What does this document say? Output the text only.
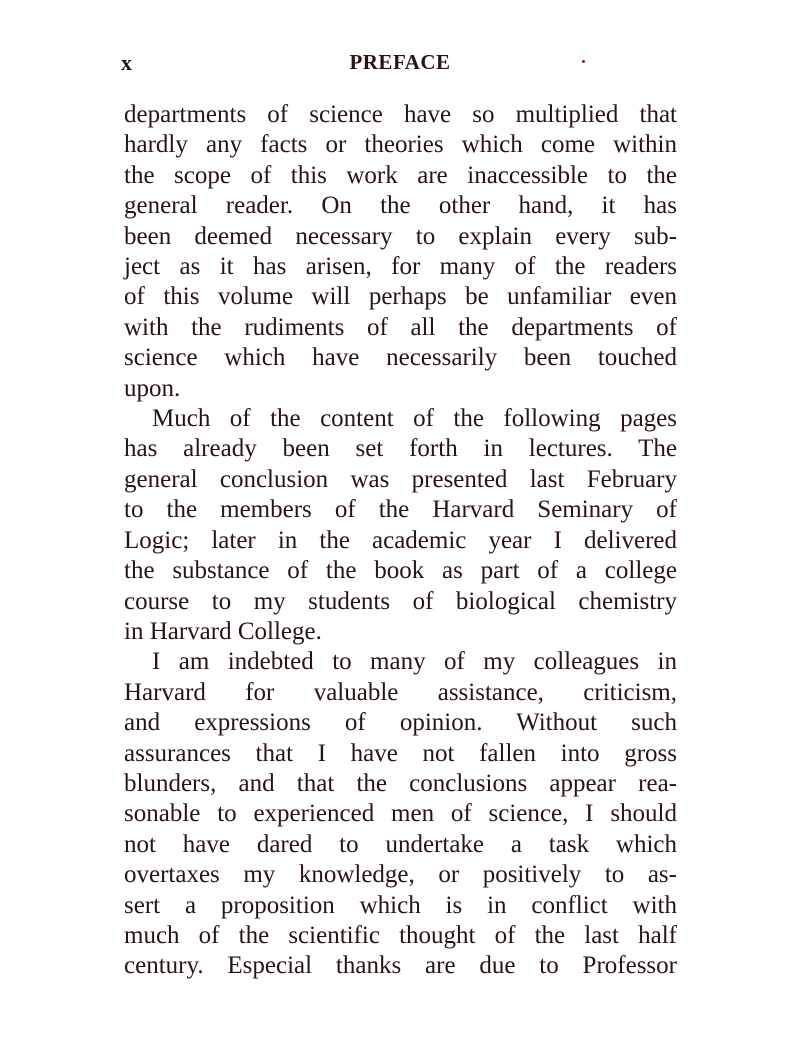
x	PREFACE

departments of science have so multiplied that
hardly any facts or theories which come within
the scope of this work are inaccessible to the
general reader. On the other hand, it has
been deemed necessary to explain every sub-
ject as it has arisen, for many of the readers
of this volume will perhaps be unfamiliar even
with the rudiments of all the departments of
science which have necessarily been touched
upon.

Much of the content of the following pages
has already been set forth in lectures. The
general conclusion was presented last February
to the members of the Harvard Seminary of
Logic; later in the academic year I delivered
the substance of the book as part of a college
course to my students of biological chemistry
in Harvard College.

I am indebted to many of my colleagues in
Harvard for valuable assistance, criticism,
and expressions of opinion. Without such
assurances that I have not fallen into gross
blunders, and that the conclusions appear rea-
sonable to experienced men of science, I should
not have dared to undertake a task which
overtaxes my knowledge, or positively to as-
sert a proposition which is in conflict with
much of the scientific thought of the last half
century. Especial thanks are due to Professor
